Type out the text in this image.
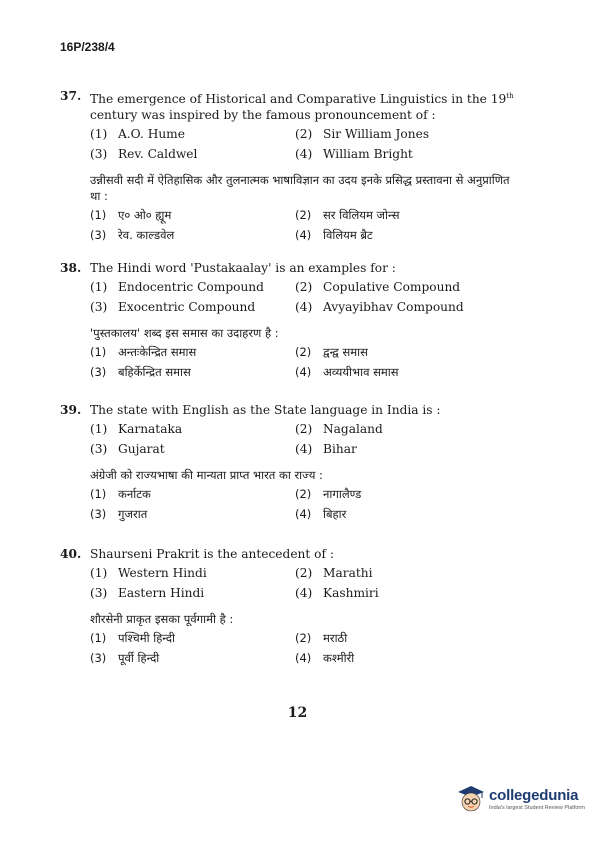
16P/238/4
37. The emergence of Historical and Comparative Linguistics in the 19th
century was inspired by the famous pronouncement of :
(1) A.O. Hume	(2) Sir William Jones
(3) Rev. Caldwel	(4) William Bright
उन्नीसवी सदी में ऐतिहासिक और तुलनात्मक भाषाविज्ञान का उदय इनके प्रसिद्ध प्रस्तावना से अनुप्राणित था :
(1)	ए० ओ० ह्यूम	(2)	सर विलियम जोन्स
(3)	रेव. काल्डवेल	(4)	विलियम ब्रैट
38. The Hindi word 'Pustakaalay' is an examples for :
(1) Endocentric Compound	(2) Copulative Compound
(3) Exocentric Compound	(4) Avyayibhav Compound
'पुस्तकालय' शब्द इस समास का उदाहरण है :
(1)	अन्तःकेन्द्रित समास	(2)	द्वन्द्व समास
(3)	बहिर्केन्द्रित समास	(4)	अव्ययीभाव समास
39. The state with English as the State language in India is :
(1) Karnataka	(2) Nagaland
(3) Gujarat	(4) Bihar
अंग्रेजी को राज्यभाषा की मान्यता प्राप्त भारत का राज्य :
(1)	कर्नाटक	(2)	नागालैण्ड
(3)	गुजरात	(4)	बिहार
40. Shaurseni Prakrit is the antecedent of :
(1) Western Hindi	(2) Marathi
(3) Eastern Hindi	(4) Kashmiri
शौरसेनी प्राकृत इसका पूर्वगामी है :
(1)	पश्चिमी हिन्दी	(2)	मराठी
(3)	पूर्वी हिन्दी	(4)	कश्मीरी
12
collegedunia
India's largest Student Review Platform
